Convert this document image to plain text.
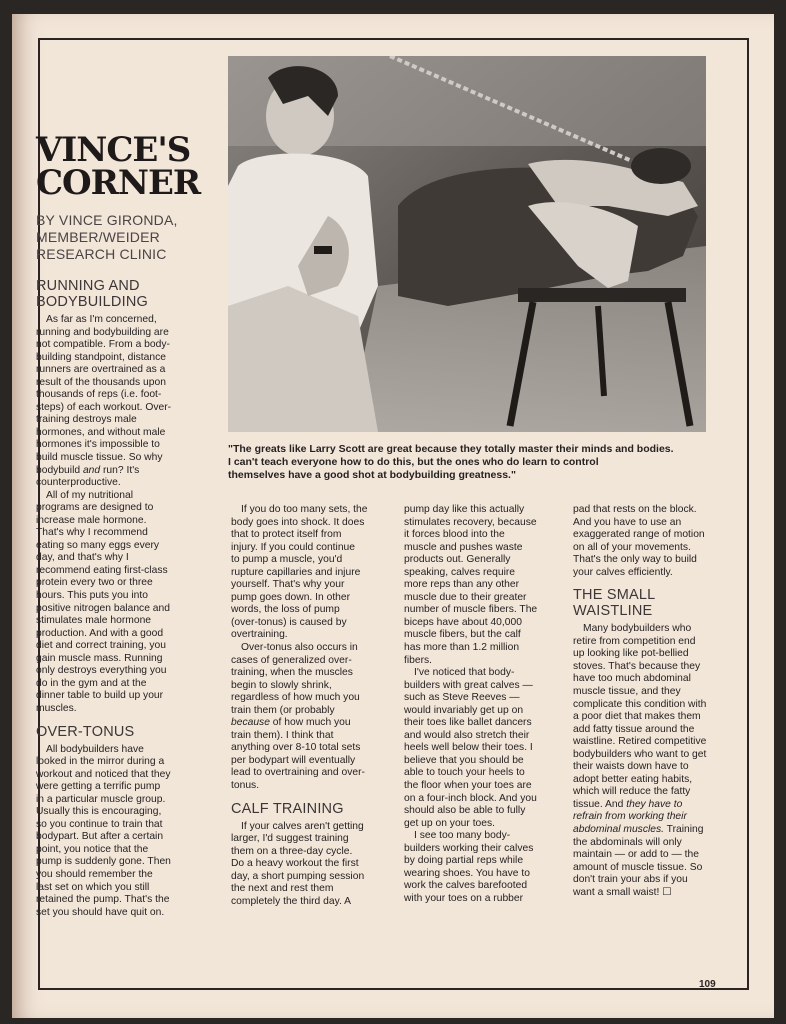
VINCE'S
CORNER
BY VINCE GIRONDA,
MEMBER/WEIDER
RESEARCH CLINIC
"The greats like Larry Scott are great because they totally master their minds and bodies.
I can't teach everyone how to do this, but the ones who do learn to control
themselves have a good shot at bodybuilding greatness."
RUNNING AND
BODYBUILDING

As far as I'm concerned,
running and bodybuilding are
not compatible. From a body-
building standpoint, distance
runners are overtrained as a
result of the thousands upon
thousands of reps (i.e. foot-
steps) of each workout. Over-
training destroys male
hormones, and without male
hormones it's impossible to
build muscle tissue. So why
bodybuild and run? It's
counterproductive.

All of my nutritional
programs are designed to
increase male hormone.
That's why I recommend
eating so many eggs every
day, and that's why I
recommend eating first-class
protein every two or three
hours. This puts you into
positive nitrogen balance and
stimulates male hormone
production. And with a good
diet and correct training, you
gain muscle mass. Running
only destroys everything you
do in the gym and at the
dinner table to build up your
muscles.

OVER-TONUS

All bodybuilders have
looked in the mirror during a
workout and noticed that they
were getting a terrific pump
in a particular muscle group.
Usually this is encouraging,
so you continue to train that
bodypart. But after a certain
point, you notice that the
pump is suddenly gone. Then
you should remember the
last set on which you still
retained the pump. That's the
set you should have quit on.

If you do too many sets, the
body goes into shock. It does
that to protect itself from
injury. If you could continue
to pump a muscle, you'd
rupture capillaries and injure
yourself. That's why your
pump goes down. In other
words, the loss of pump
(over-tonus) is caused by
overtraining.

Over-tonus also occurs in
cases of generalized over-
training, when the muscles
begin to slowly shrink,
regardless of how much you
train them (or probably
because of how much you
train them). I think that
anything over 8-10 total sets
per bodypart will eventually
lead to overtraining and over-
tonus.

CALF TRAINING

If your calves aren't getting
larger, I'd suggest training
them on a three-day cycle.
Do a heavy workout the first
day, a short pumping session
the next and rest them
completely the third day. A

pump day like this actually
stimulates recovery, because
it forces blood into the
muscle and pushes waste
products out. Generally
speaking, calves require
more reps than any other
muscle due to their greater
number of muscle fibers. The
biceps have about 40,000
muscle fibers, but the calf
has more than 1.2 million
fibers.

I've noticed that body-
builders with great calves —
such as Steve Reeves —
would invariably get up on
their toes like ballet dancers
and would also stretch their
heels well below their toes. I
believe that you should be
able to touch your heels to
the floor when your toes are
on a four-inch block. And you
should also be able to fully
get up on your toes.

I see too many body-
builders working their calves
by doing partial reps while
wearing shoes. You have to
work the calves barefooted
with your toes on a rubber

pad that rests on the block.
And you have to use an
exaggerated range of motion
on all of your movements.
That's the only way to build
your calves efficiently.

THE SMALL
WAISTLINE

Many bodybuilders who
retire from competition end
up looking like pot-bellied
stoves. That's because they
have too much abdominal
muscle tissue, and they
complicate this condition with
a poor diet that makes them
add fatty tissue around the
waistline. Retired competitive
bodybuilders who want to get
their waists down have to
adopt better eating habits,
which will reduce the fatty
tissue. And they have to
refrain from working their
abdominal muscles. Training
the abdominals will only
maintain — or add to — the
amount of muscle tissue. So
don't train your abs if you
want a small waist! ☐

109
